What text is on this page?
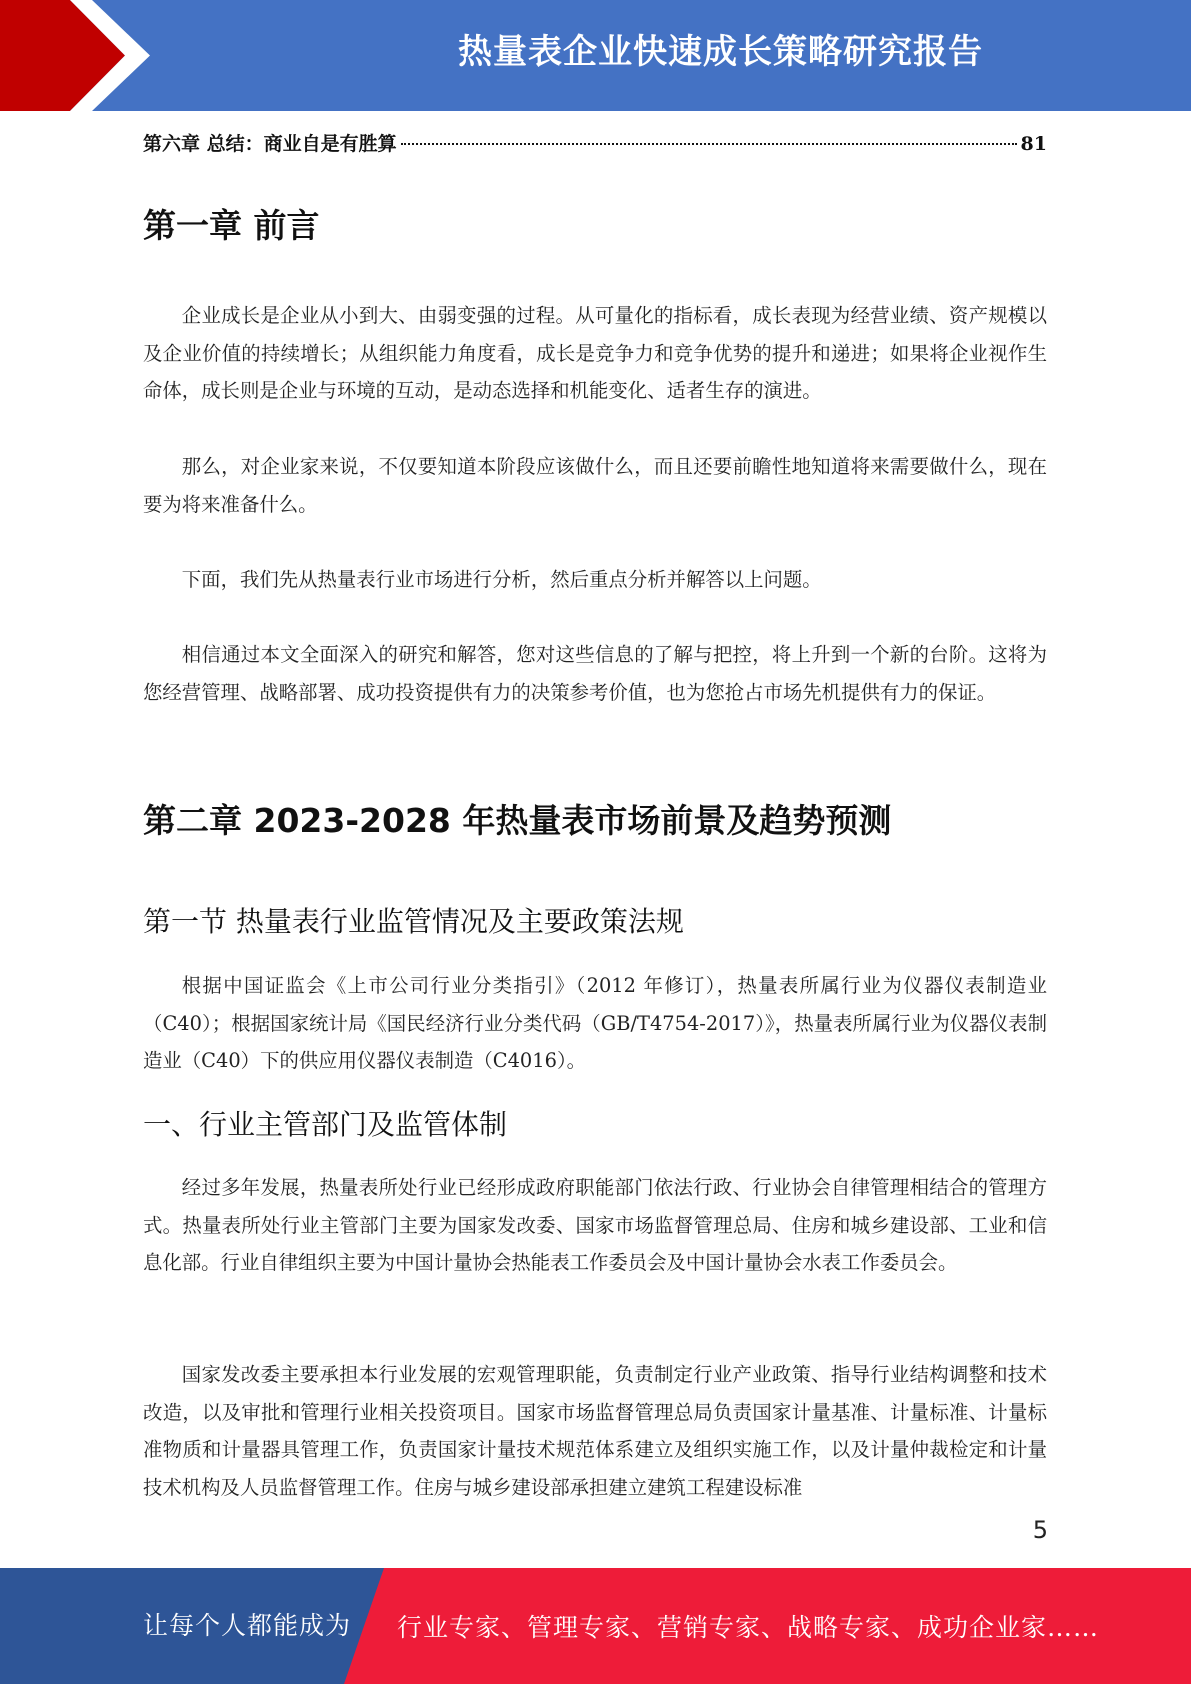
热量表企业快速成长策略研究报告
第六章 总结：商业自是有胜算	81
第一章 前言

企业成长是企业从小到大、由弱变强的过程。从可量化的指标看，成长表现为经营业绩、资产规模以及企业价值的持续增长；从组织能力角度看，成长是竞争力和竞争优势的提升和递进；如果将企业视作生命体，成长则是企业与环境的互动，是动态选择和机能变化、适者生存的演进。

那么，对企业家来说，不仅要知道本阶段应该做什么，而且还要前瞻性地知道将来需要做什么，现在要为将来准备什么。

下面，我们先从热量表行业市场进行分析，然后重点分析并解答以上问题。

相信通过本文全面深入的研究和解答，您对这些信息的了解与把控，将上升到一个新的台阶。这将为您经营管理、战略部署、成功投资提供有力的决策参考价值，也为您抢占市场先机提供有力的保证。

第二章 2023-2028 年热量表市场前景及趋势预测
第一节 热量表行业监管情况及主要政策法规

根据中国证监会《上市公司行业分类指引》（2012 年修订），热量表所属行业为仪器仪表制造业（C40）；根据国家统计局《国民经济行业分类代码（GB/T4754-2017）》，热量表所属行业为仪器仪表制造业（C40）下的供应用仪器仪表制造（C4016）。

一、行业主管部门及监管体制

经过多年发展，热量表所处行业已经形成政府职能部门依法行政、行业协会自律管理相结合的管理方式。热量表所处行业主管部门主要为国家发改委、国家市场监督管理总局、住房和城乡建设部、工业和信息化部。行业自律组织主要为中国计量协会热能表工作委员会及中国计量协会水表工作委员会。

国家发改委主要承担本行业发展的宏观管理职能，负责制定行业产业政策、指导行业结构调整和技术改造，以及审批和管理行业相关投资项目。国家市场监督管理总局负责国家计量基准、计量标准、计量标准物质和计量器具管理工作，负责国家计量技术规范体系建立及组织实施工作，以及计量仲裁检定和计量技术机构及人员监督管理工作。住房与城乡建设部承担建立建筑工程建设标准

5
让每个人都能成为 行业专家、管理专家、营销专家、战略专家、成功企业家……
